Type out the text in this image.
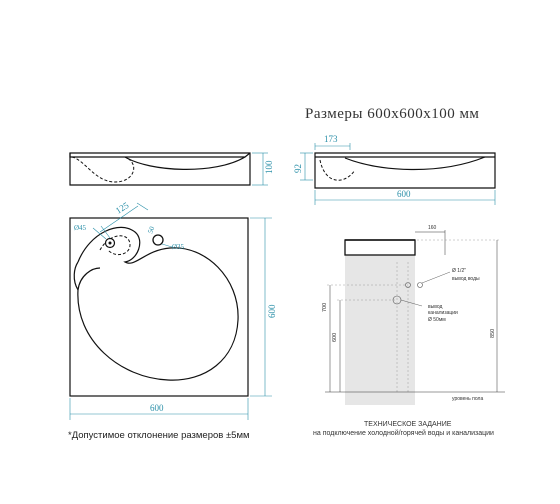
Размеры 600х600х100 мм
100
173
92
600
125
Ø45	50
Ø35
600
600
160
Ø 1/2"
вывод воды
вывод
канализации
Ø 50мм
700
600	850
уровень пола
ТЕХНИЧЕСКОЕ ЗАДАНИЕ
на подключение холодной/горячей воды и канализации
*Допустимое отклонение размеров ±5мм
